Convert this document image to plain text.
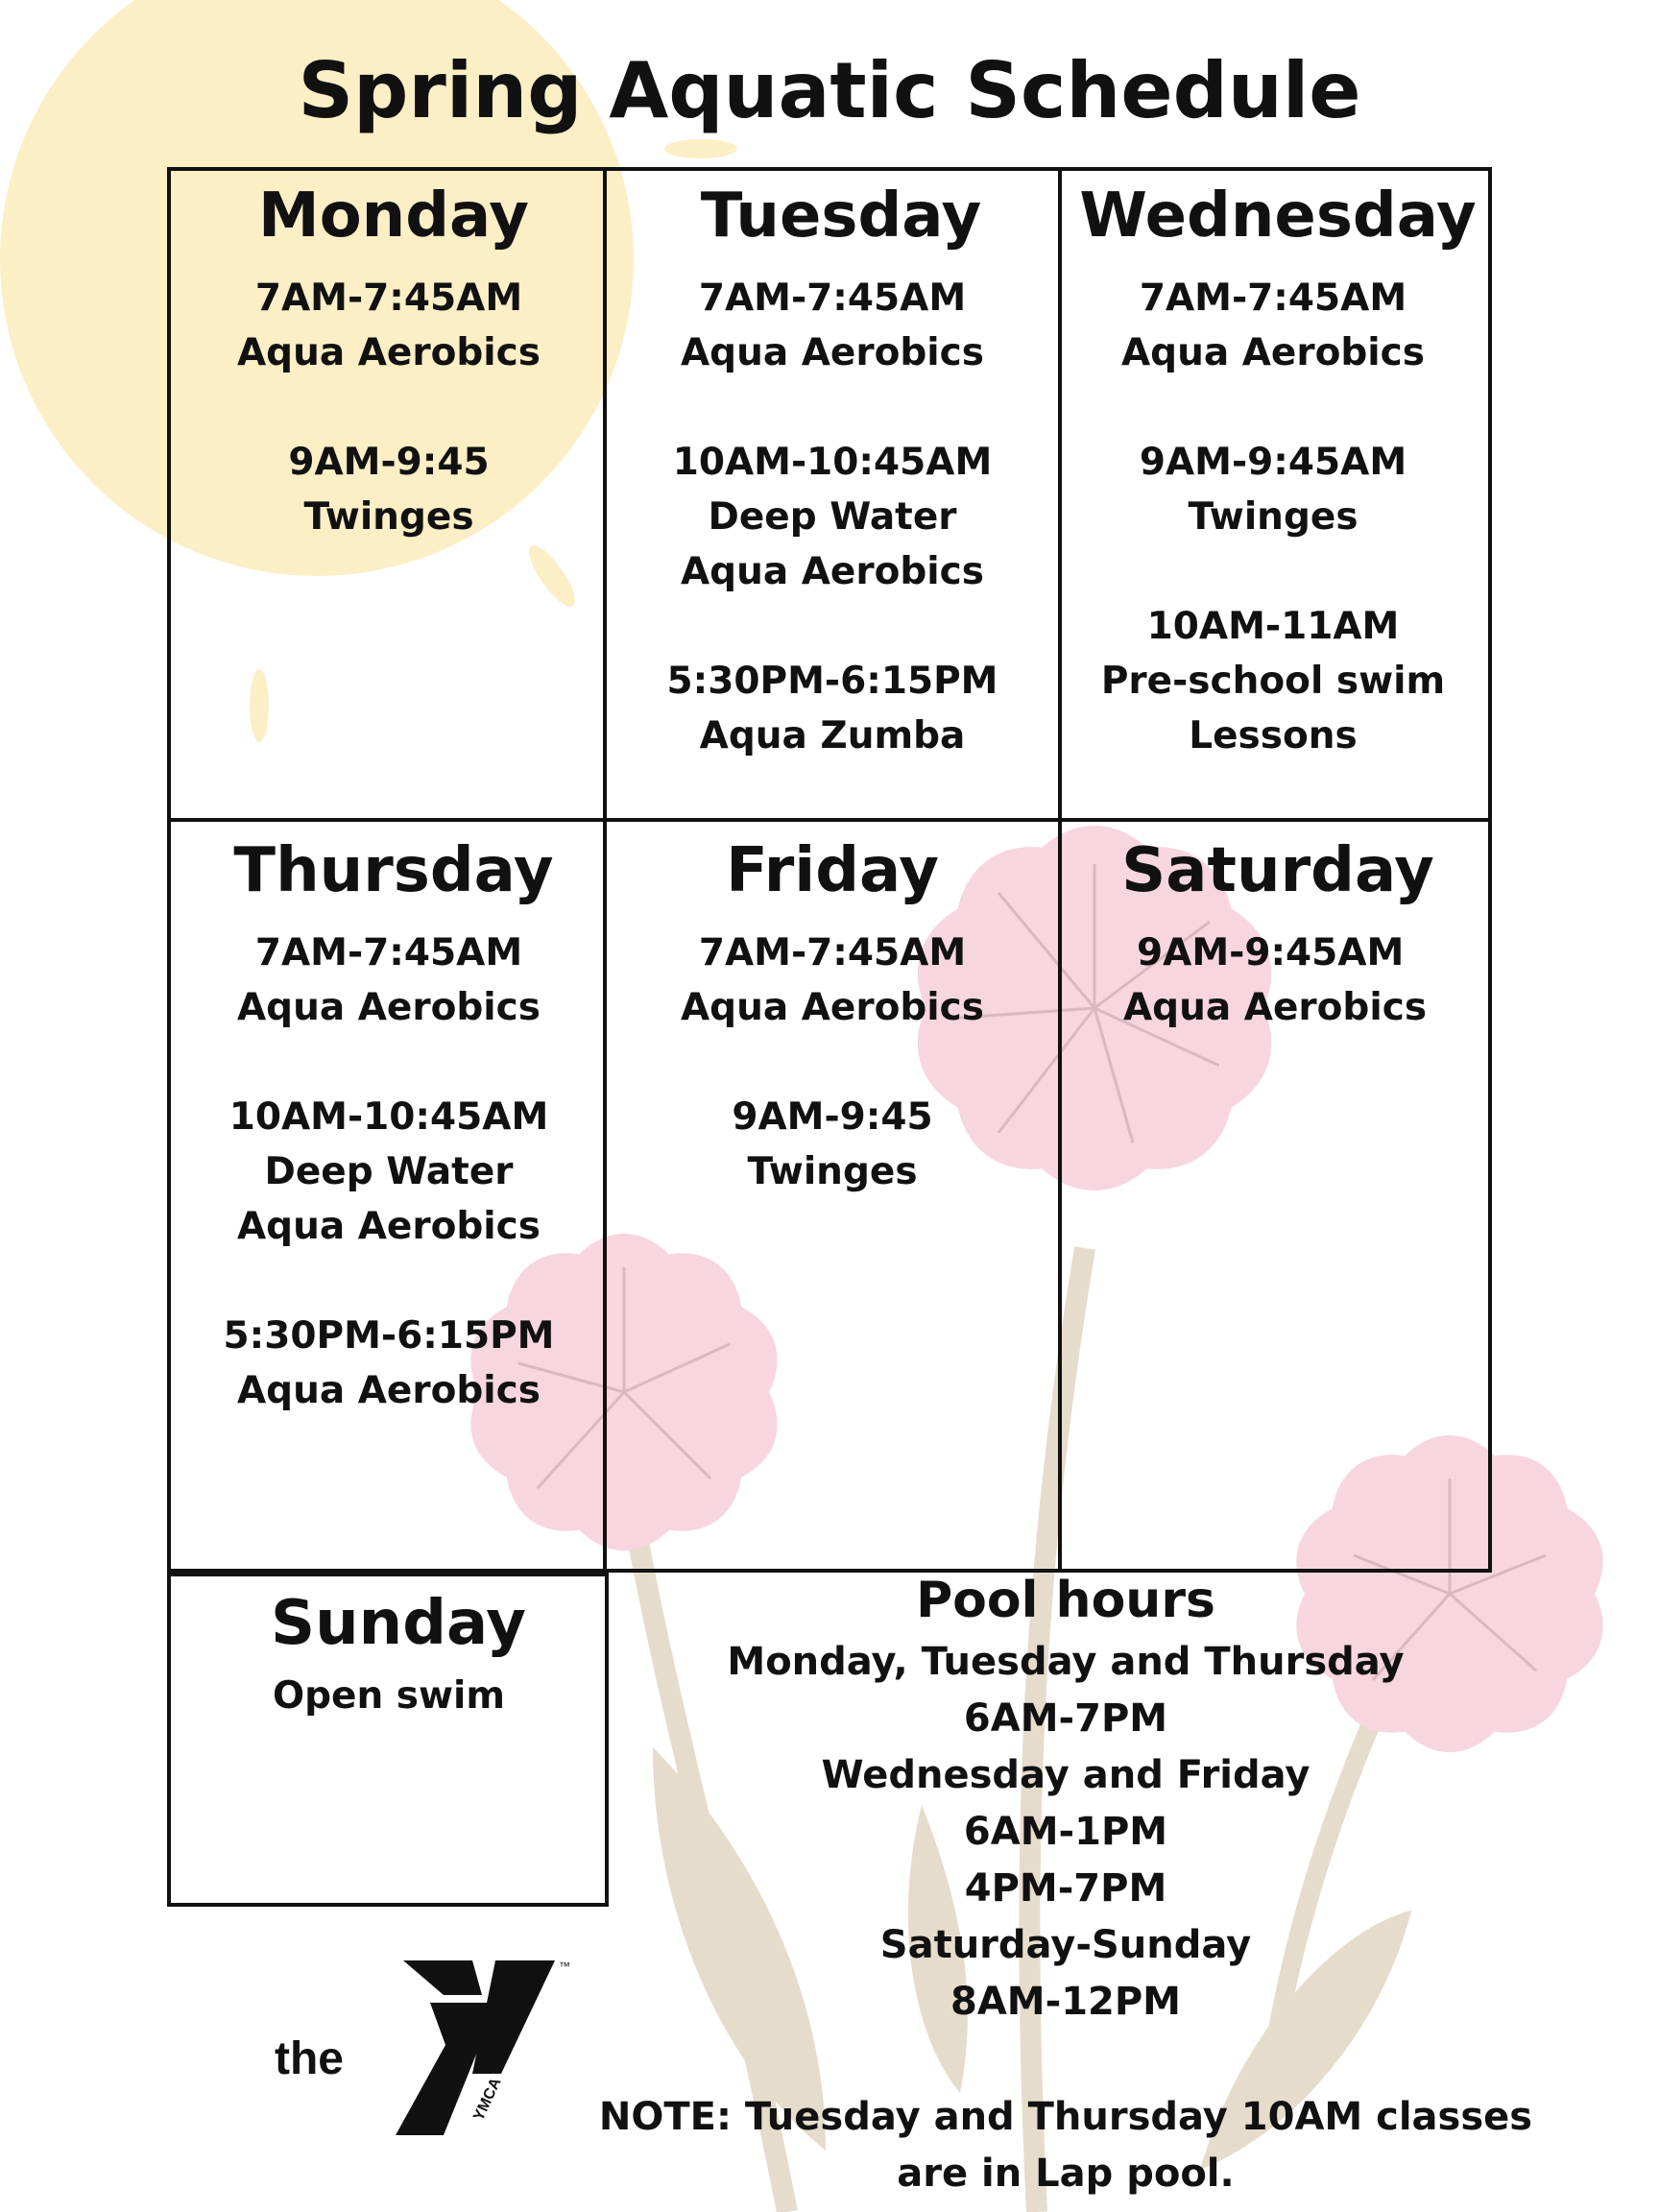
Spring Aquatic Schedule
Monday
7AM-7:45AM
Aqua Aerobics
9AM-9:45
Twinges
Tuesday
7AM-7:45AM
Aqua Aerobics
10AM-10:45AM
Deep Water
Aqua Aerobics
5:30PM-6:15PM
Aqua Zumba
Wednesday
7AM-7:45AM
Aqua Aerobics
9AM-9:45AM
Twinges
10AM-11AM
Pre-school swim
Lessons
Thursday
7AM-7:45AM
Aqua Aerobics
10AM-10:45AM
Deep Water
Aqua Aerobics
5:30PM-6:15PM
Aqua Aerobics
Friday
7AM-7:45AM
Aqua Aerobics
9AM-9:45
Twinges
Saturday
9AM-9:45AM
Aqua Aerobics
Sunday
Open swim
Pool hours
Monday, Tuesday and Thursday
6AM-7PM
Wednesday and Friday
6AM-1PM
4PM-7PM
Saturday-Sunday
8AM-12PM
NOTE: Tuesday and Thursday 10AM classes are in Lap pool.
the
™
YMCA
